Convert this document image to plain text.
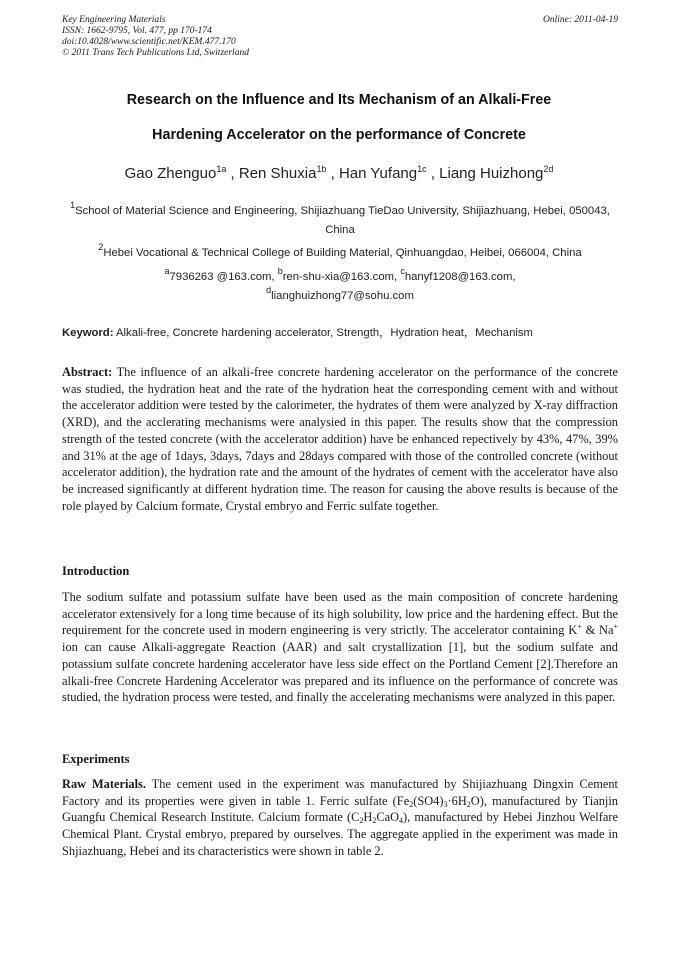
Key Engineering Materials
ISSN: 1662-9795, Vol. 477, pp 170-174
doi:10.4028/www.scientific.net/KEM.477.170
© 2011 Trans Tech Publications Ltd, Switzerland
Online: 2011-04-19
Research on the Influence and Its Mechanism of an Alkali-Free
Hardening Accelerator on the performance of Concrete
Gao Zhenguo$^{1a}$ , Ren Shuxia$^{1b}$ , Han Yufang$^{1c}$ , Liang Huizhong$^{2d}$
$^1$School of Material Science and Engineering, Shijiazhuang TieDao University, Shijiazhuang, Hebei, 050043, China
$^2$Hebei Vocational & Technical College of Building Material, Qinhuangdao, Heibei, 066004, China
$^a$7936263 @163.com, $^b$ren-shu-xia@163.com, $^c$hanyf1208@163.com,
$^d$lianghuizhong77@sohu.com
Keyword: Alkali-free, Concrete hardening accelerator, Strength，Hydration heat，Mechanism
Abstract: The influence of an alkali-free concrete hardening accelerator on the performance of the concrete was studied, the hydration heat and the rate of the hydration heat the corresponding cement with and without the accelerator addition were tested by the calorimeter, the hydrates of them were analyzed by X-ray diffraction (XRD), and the acclerating mechanisms were analysied in this paper. The results show that the compression strength of the tested concrete (with the accelerator addition) have be enhanced repectively by 43%, 47%, 39% and 31% at the age of 1days, 3days, 7days and 28days compared with those of the controlled concrete (without accelerator addition), the hydration rate and the amount of the hydrates of cement with the accelerator have also be increased significantly at different hydration time. The reason for causing the above results is because of the role played by Calcium formate, Crystal embryo and Ferric sulfate together.
Introduction
The sodium sulfate and potassium sulfate have been used as the main composition of concrete hardening accelerator extensively for a long time because of its high solubility, low price and the hardening effect. But the requirement for the concrete used in modern engineering is very strictly. The accelerator containing K+ & Na+ ion can cause Alkali-aggregate Reaction (AAR) and salt crystallization [1], but the sodium sulfate and potassium sulfate concrete hardening accelerator have less side effect on the Portland Cement [2].Therefore an alkali-free Concrete Hardening Accelerator was prepared and its influence on the performance of concrete was studied, the hydration process were tested, and finally the accelerating mechanisms were analyzed in this paper.
Experiments
Raw Materials. The cement used in the experiment was manufactured by Shijiazhuang Dingxin Cement Factory and its properties were given in table 1. Ferric sulfate $(Fe_2(SO4)_3\cdot 6H_2O)$, manufactured by Tianjin Guangfu Chemical Research Institute. Calcium formate $(C_2H_2CaO_4)$, manufactured by Hebei Jinzhou Welfare Chemical Plant. Crystal embryo, prepared by ourselves. The aggregate applied in the experiment was made in Shjiazhuang, Hebei and its characteristics were shown in table 2.
